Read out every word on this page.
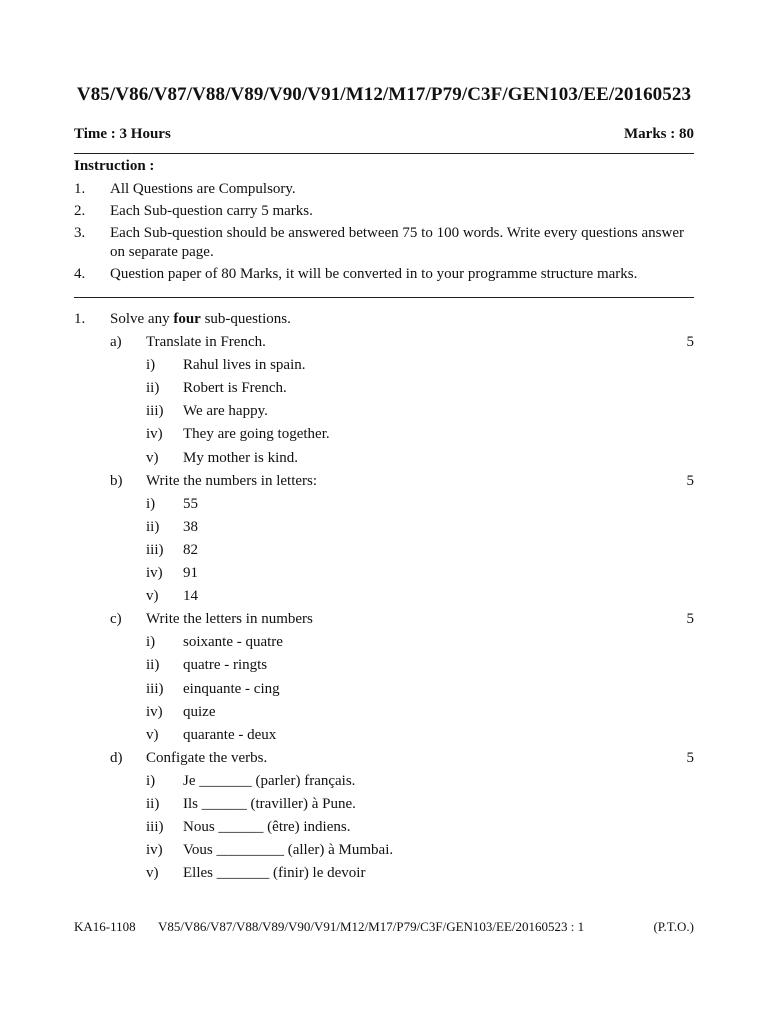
V85/V86/V87/V88/V89/V90/V91/M12/M17/P79/C3F/GEN103/EE/20160523
Time : 3 Hours	Marks : 80
Instruction :
1. All Questions are Compulsory.
2. Each Sub-question carry 5 marks.
3. Each Sub-question should be answered between 75 to 100 words. Write every questions answer on separate page.
4. Question paper of 80 Marks, it will be converted in to your programme structure marks.
1. Solve any four sub-questions.
a) Translate in French.	5
i) Rahul lives in spain.
ii) Robert is French.
iii) We are happy.
iv) They are going together.
v) My mother is kind.
b) Write the numbers in letters:	5
i) 55
ii) 38
iii) 82
iv) 91
v) 14
c) Write the letters in numbers	5
i) soixante - quatre
ii) quatre - ringts
iii) einquante - cing
iv) quize
v) quarante - deux
d) Configate the verbs.	5
i) Je _______ (parler) français.
ii) Ils ______ (traviller) à Pune.
iii) Nous ______ (être) indiens.
iv) Vous _________ (aller) à Mumbai.
v) Elles _______ (finir) le devoir
KA16-1108 V85/V86/V87/V88/V89/V90/V91/M12/M17/P79/C3F/GEN103/EE/20160523 : 1	(P.T.O.)
